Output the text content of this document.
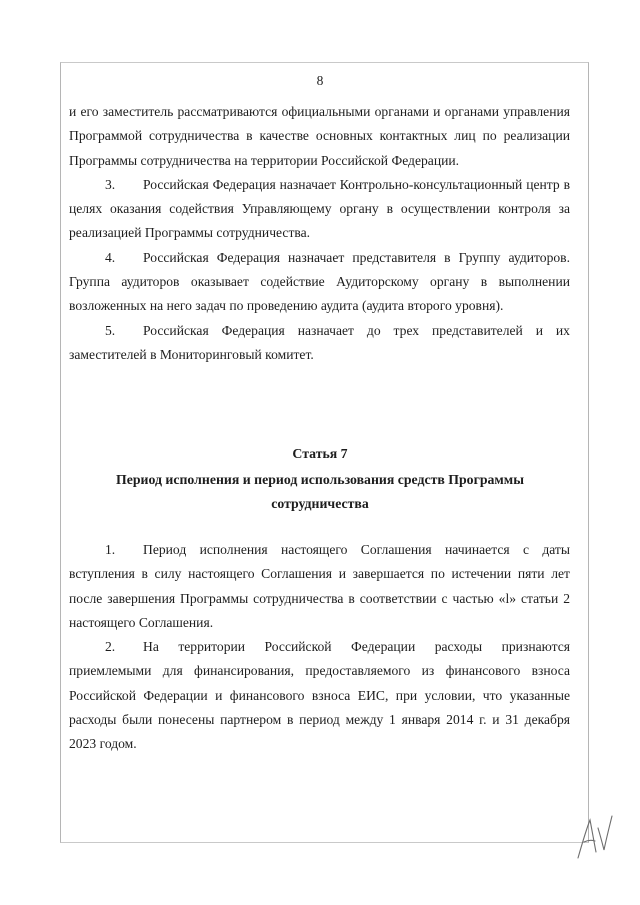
8

и его заместитель рассматриваются официальными органами и органами управления Программой сотрудничества в качестве основных контактных лиц по реализации Программы сотрудничества на территории Российской Федерации.

3. Российская Федерация назначает Контрольно-консультационный центр в целях оказания содействия Управляющему органу в осуществлении контроля за реализацией Программы сотрудничества.

4. Российская Федерация назначает представителя в Группу аудиторов. Группа аудиторов оказывает содействие Аудиторскому органу в выполнении возложенных на него задач по проведению аудита (аудита второго уровня).

5. Российская Федерация назначает до трех представителей и их заместителей в Мониторинговый комитет.

Статья 7
Период исполнения и период использования средств Программы
сотрудничества

1. Период исполнения настоящего Соглашения начинается с даты вступления в силу настоящего Соглашения и завершается по истечении пяти лет после завершения Программы сотрудничества в соответствии с частью «l» статьи 2 настоящего Соглашения.

2. На территории Российской Федерации расходы признаются приемлемыми для финансирования, предоставляемого из финансового взноса Российской Федерации и финансового взноса ЕИС, при условии, что указанные расходы были понесены партнером в период между 1 января 2014 г. и 31 декабря 2023 годом.
